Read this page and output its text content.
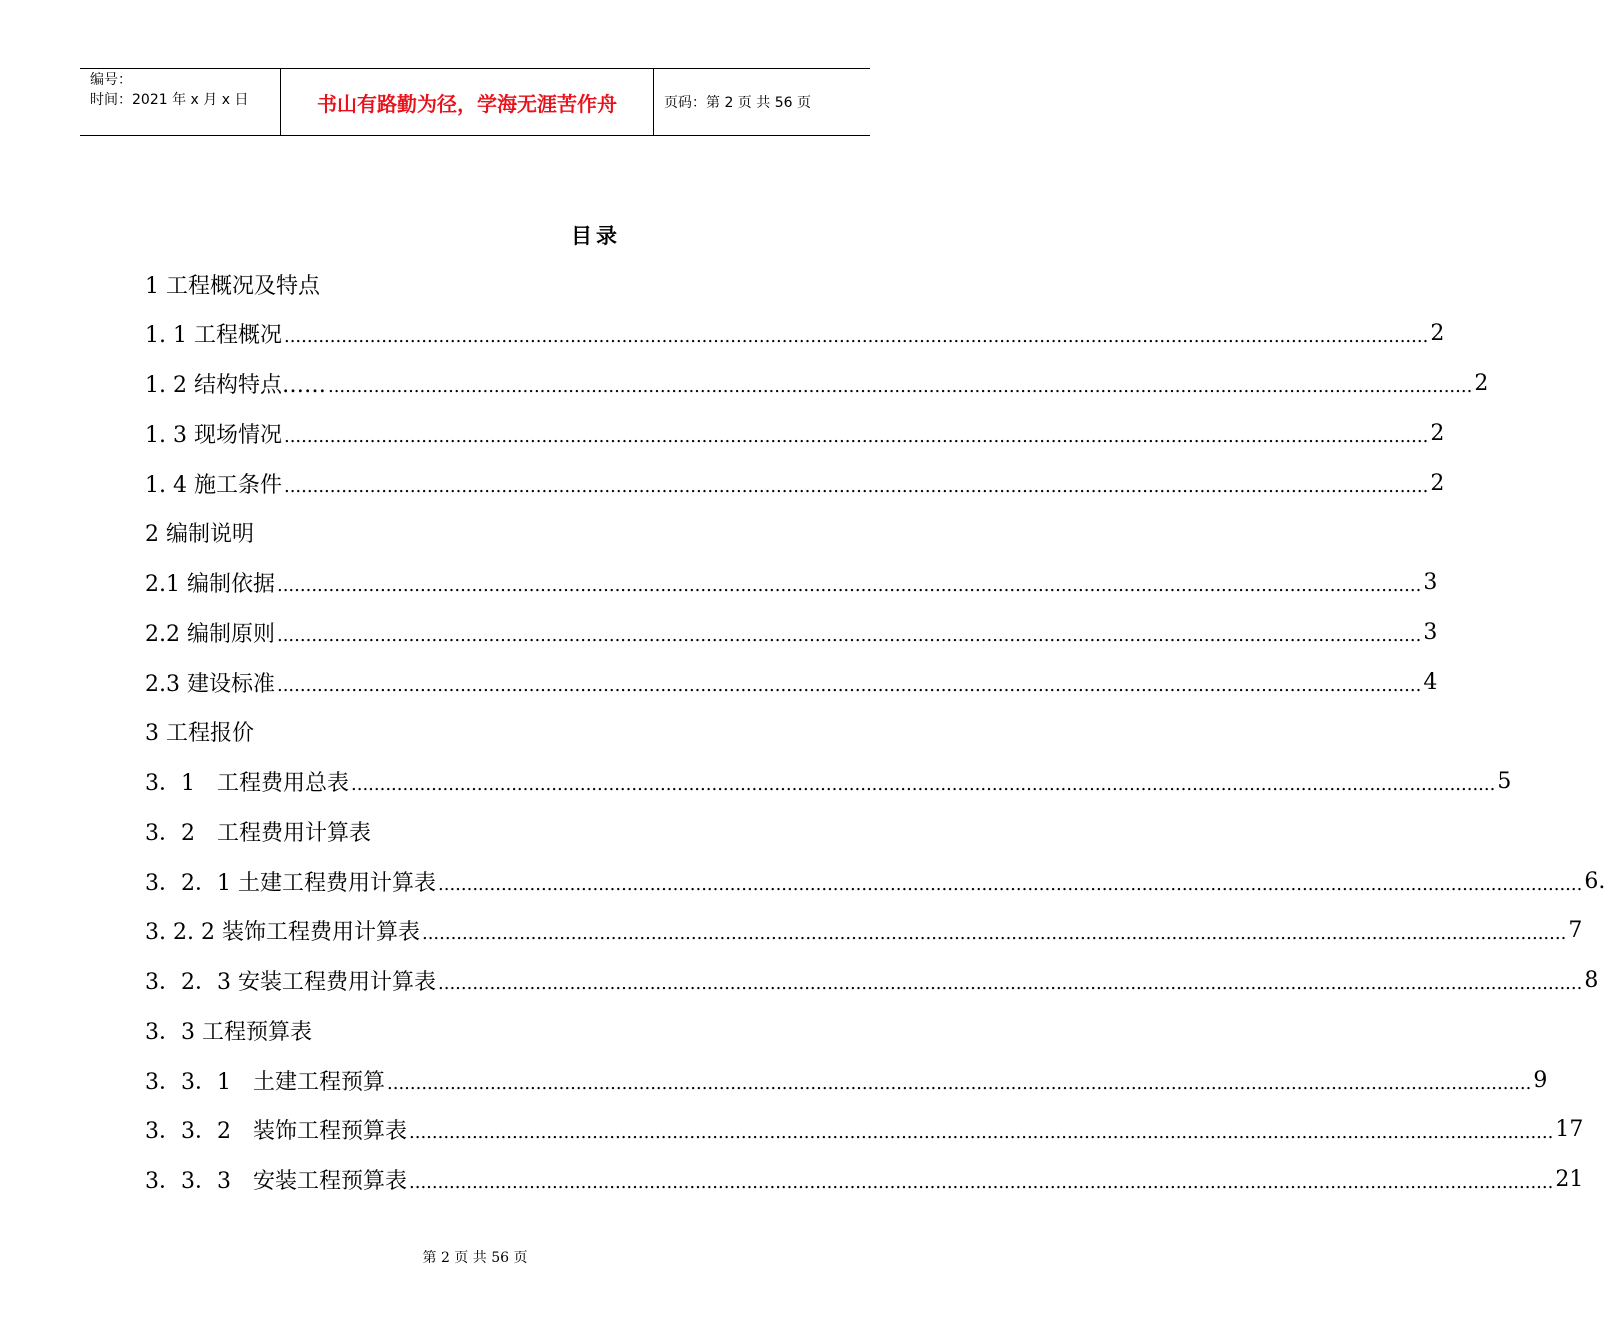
编号：
时间：2021 年 x 月 x 日	书山有路勤为径，学海无涯苦作舟	页码：第 2 页 共 56 页
目录
1 工程概况及特点
1. 1 工程概况 ........................................................................................................................................................................................................ 2
1. 2 结构特点…… ........................................................................................................................................................................................................ 2
1. 3 现场情况 ........................................................................................................................................................................................................ 2
1. 4 施工条件 ........................................................................................................................................................................................................ 2
2 编制说明
2.1 编制依据 ........................................................................................................................................................................................................ 3
2.2 编制原则 ........................................................................................................................................................................................................ 3
2.3 建设标准 ........................................................................................................................................................................................................ 4
3 工程报价
3．1　工程费用总表 ........................................................................................................................................................................................................ 5
3．2　工程费用计算表
3．2．1 土建工程费用计算表 ........................................................................................................................................................................................................ 6.
3. 2. 2 装饰工程费用计算表 ........................................................................................................................................................................................................ 7
3．2．3 安装工程费用计算表 ........................................................................................................................................................................................................ 8
3．3 工程预算表
3．3．1　土建工程预算 ........................................................................................................................................................................................................ 9
3．3．2　装饰工程预算表 ........................................................................................................................................................................................................ 17
3．3．3　安装工程预算表 ........................................................................................................................................................................................................ 21
第 2 页 共 56 页
